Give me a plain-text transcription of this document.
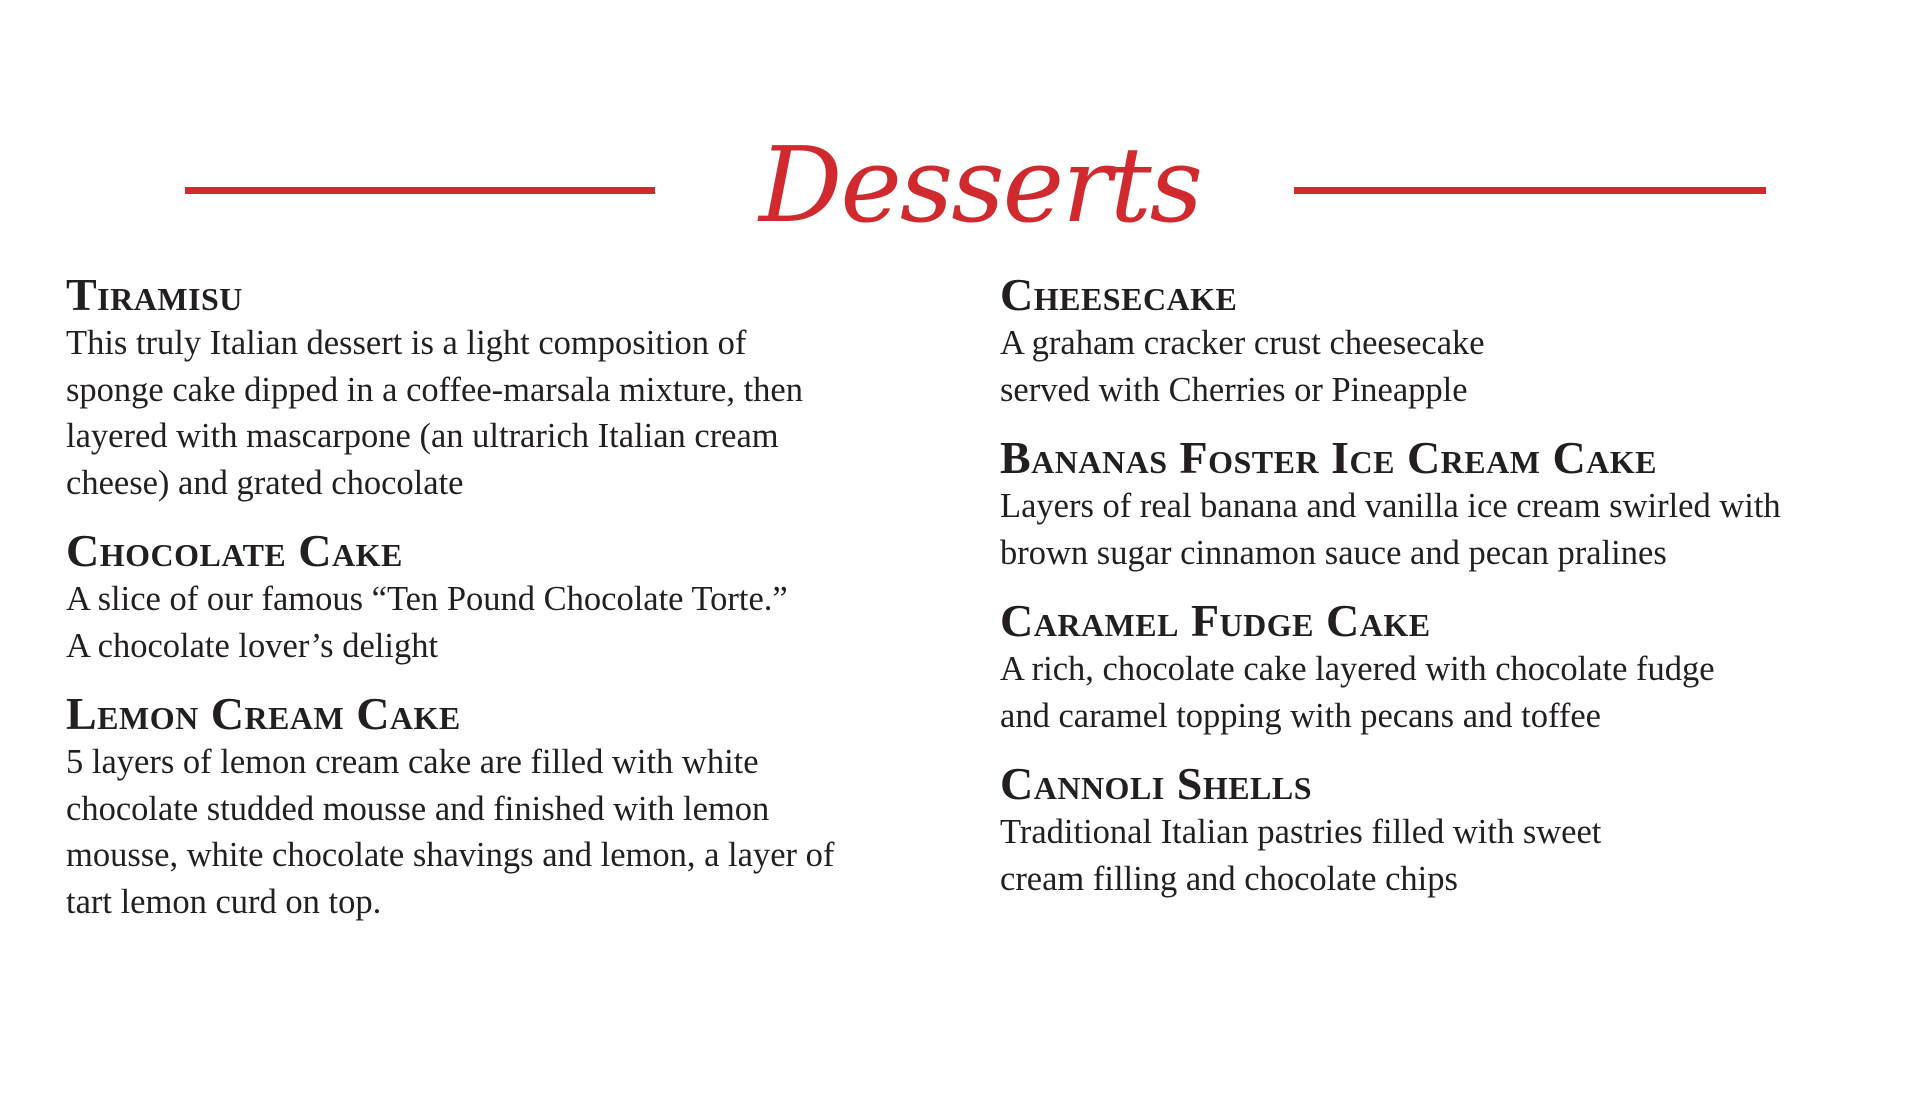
Desserts

Tiramisu

This truly Italian dessert is a light composition of

sponge cake dipped in a coffee-marsala mixture, then

layered with mascarpone (an ultrarich Italian cream

cheese) and grated chocolate

Chocolate Cake

A slice of our famous “Ten Pound Chocolate Torte.”

A chocolate lover’s delight

Lemon Cream Cake

5 layers of lemon cream cake are filled with white

chocolate studded mousse and finished with lemon

mousse, white chocolate shavings and lemon, a layer of

tart lemon curd on top.

Cheesecake

A graham cracker crust cheesecake

served with Cherries or Pineapple

Bananas Foster Ice Cream Cake

Layers of real banana and vanilla ice cream swirled with

brown sugar cinnamon sauce and pecan pralines

Caramel Fudge Cake

A rich, chocolate cake layered with chocolate fudge

and caramel topping with pecans and toffee

Cannoli Shells

Traditional Italian pastries filled with sweet

cream filling and chocolate chips
